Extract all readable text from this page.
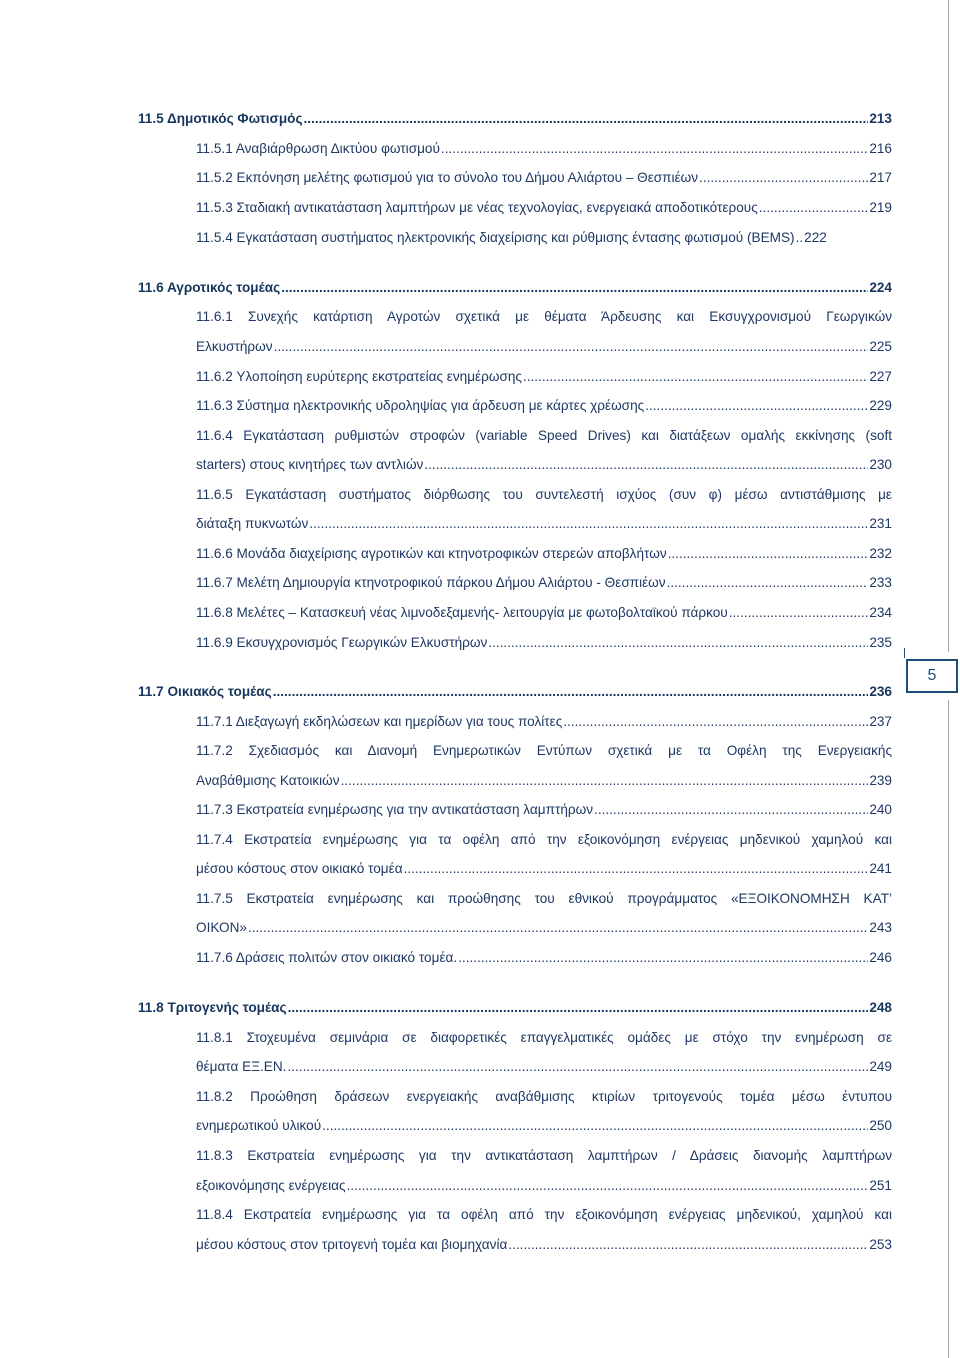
5
11.5 Δημοτικός Φωτισμός .....	213
11.5.1 Αναβιάρθρωση Δικτύου φωτισμού .....	216
11.5.2 Εκπόνηση μελέτης φωτισμού για το σύνολο του Δήμου Αλιάρτου – Θεσπιέων .....	217
11.5.3 Σταδιακή αντικατάσταση λαμπτήρων με νέας τεχνολογίας, ενεργειακά αποδοτικότερους .....	219
11.5.4 Εγκατάσταση συστήματος ηλεκτρονικής διαχείρισης και ρύθμισης έντασης φωτισμού (BEMS) .. 222
11.6 Αγροτικός τομέας .....	224
11.6.1 Συνεχής κατάρτιση Αγροτών σχετικά με θέματα Άρδευσης και Εκσυγχρονισμού Γεωργικών
Ελκυστήρων .....	225
11.6.2 Υλοποίηση ευρύτερης εκστρατείας ενημέρωσης .....	227
11.6.3 Σύστημα ηλεκτρονικής υδροληψίας για άρδευση με κάρτες χρέωσης .....	229
11.6.4 Εγκατάσταση ρυθμιστών στροφών (variable Speed Drives) και διατάξεων ομαλής εκκίνησης (soft
starters) στους κινητήρες των αντλιών .....	230
11.6.5 Εγκατάσταση συστήματος διόρθωσης του συντελεστή ισχύος (συν φ) μέσω αντιστάθμισης με
διάταξη πυκνωτών .....	231
11.6.6 Μονάδα διαχείρισης αγροτικών και κτηνοτροφικών στερεών αποβλήτων .....	232
11.6.7 Μελέτη Δημιουργία κτηνοτροφικού πάρκου Δήμου Αλιάρτου - Θεσπιέων .....	233
11.6.8 Μελέτες – Κατασκευή νέας λιμνοδεξαμενής- λειτουργία με φωτοβολταϊκού πάρκου .....	234
11.6.9 Εκσυγχρονισμός Γεωργικών Ελκυστήρων .....	235
11.7 Οικιακός τομέας .....	236
11.7.1 Διεξαγωγή εκδηλώσεων και ημερίδων για τους πολίτες .....	237
11.7.2 Σχεδιασμός και Διανομή Ενημερωτικών Εντύπων σχετικά με τα Οφέλη της Ενεργειακής
Αναβάθμισης Κατοικιών .....	239
11.7.3 Εκστρατεία ενημέρωσης για την αντικατάσταση λαμπτήρων .....	240
11.7.4 Εκστρατεία ενημέρωσης για τα οφέλη από την εξοικονόμηση ενέργειας μηδενικού χαμηλού και
μέσου κόστους στον οικιακό τομέα .....	241
11.7.5 Εκστρατεία ενημέρωσης και προώθησης του εθνικού προγράμματος «ΕΞΟΙΚΟΝΟΜΗΣΗ ΚΑΤ’
ΟΙΚΟΝ» .....	243
11.7.6 Δράσεις πολιτών στον οικιακό τομέα. .....	246
11.8 Τριτογενής τομέας .....	248
11.8.1 Στοχευμένα σεμινάρια σε διαφορετικές επαγγελματικές ομάδες με στόχο την ενημέρωση σε
θέματα ΕΞ.ΕΝ. .....	249
11.8.2 Προώθηση δράσεων ενεργειακής αναβάθμισης κτιρίων τριτογενούς τομέα μέσω έντυπου
ενημερωτικού υλικού .....	250
11.8.3 Εκστρατεία ενημέρωσης για την αντικατάσταση λαμπτήρων / Δράσεις διανομής λαμπτήρων
εξοικονόμησης ενέργειας .....	251
11.8.4 Εκστρατεία ενημέρωσης για τα οφέλη από την εξοικονόμηση ενέργειας μηδενικού, χαμηλού και
μέσου κόστους στον τριτογενή τομέα και βιομηχανία .....	253
